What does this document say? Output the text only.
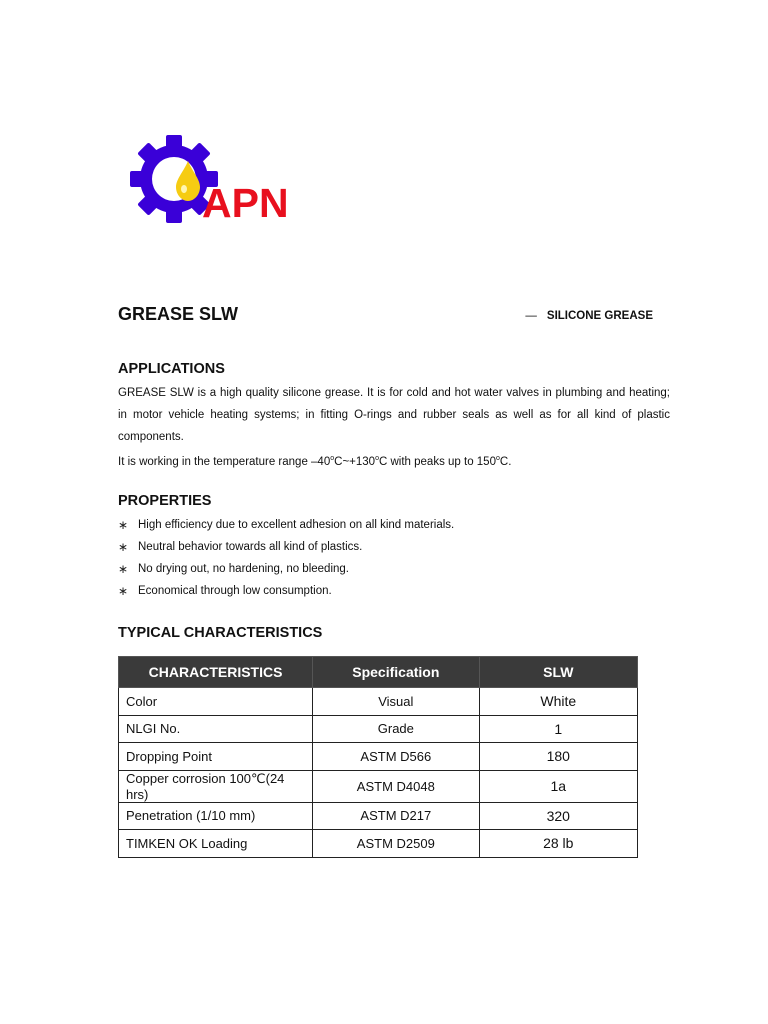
APN
GREASE SLW	— SILICONE GREASE
APPLICATIONS

GREASE SLW is a high quality silicone grease. It is for cold and hot water valves in plumbing and heating; in motor vehicle heating systems; in fitting O-rings and rubber seals as well as for all kind of plastic components.

It is working in the temperature range $-40^oC\sim+130^oC$ with peaks up to 150$^o$C.

PROPERTIES
∗ High efficiency due to excellent adhesion on all kind materials.
∗ Neutral behavior towards all kind of plastics.
∗ No drying out, no hardening, no bleeding.
∗ Economical through low consumption.
TYPICAL CHARACTERISTICS
CHARACTERISTICS	Specification	SLW
Color	Visual	White
NLGI No.	Grade	1
Dropping Point	ASTM D566	180
Copper corrosion 100℃(24 hrs)	ASTM D4048	1a
Penetration (1/10 mm)	ASTM D217	320
TIMKEN OK Loading	ASTM D2509	28 lb
